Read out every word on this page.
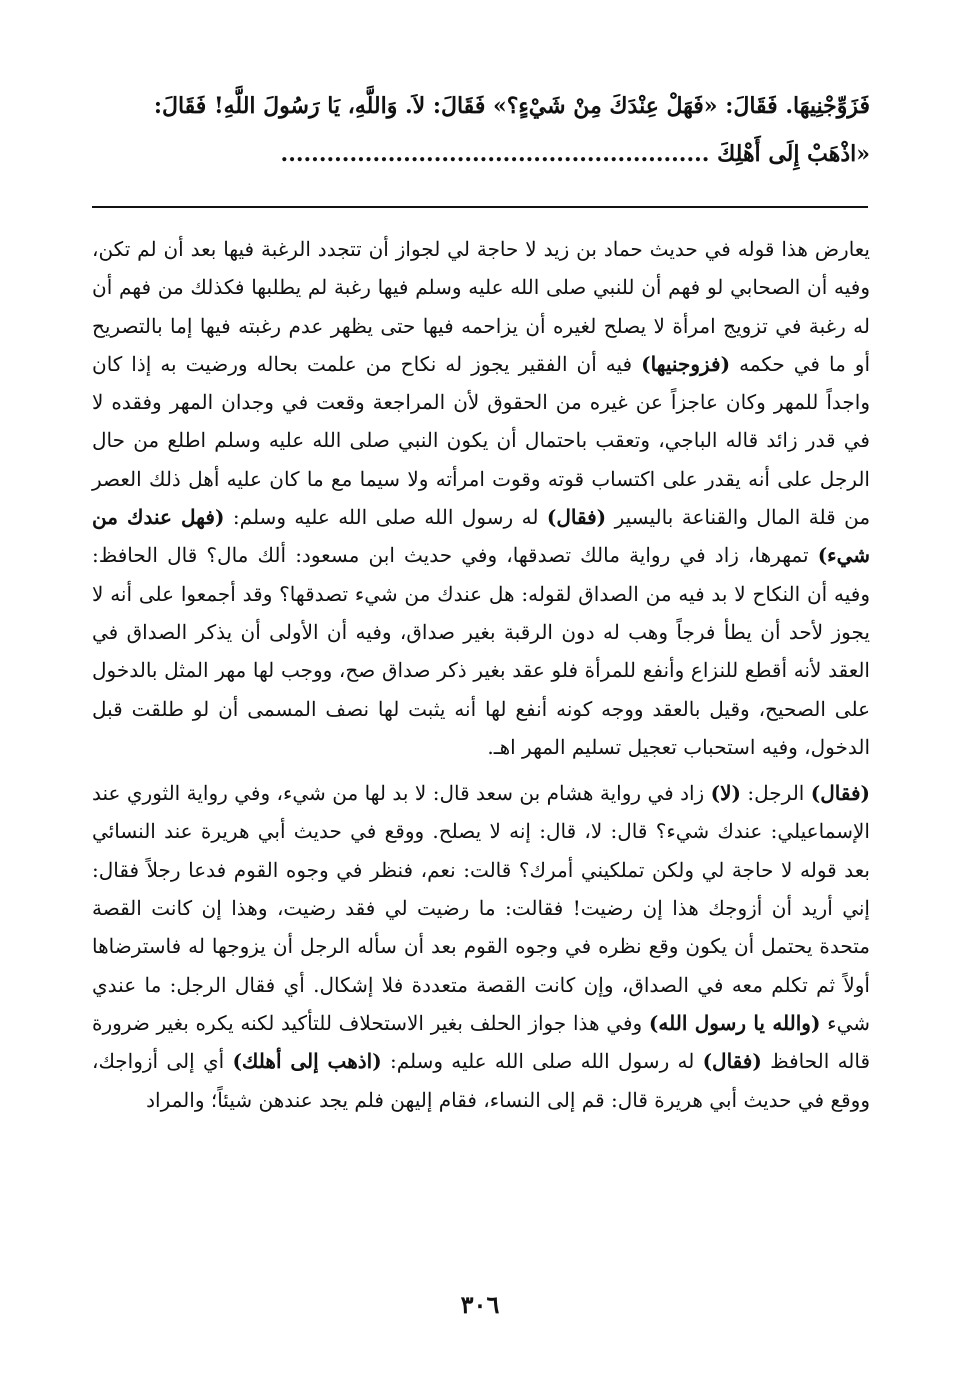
فَزَوِّجْنِيهَا. فَقَالَ: «فَهَلْ عِنْدَكَ مِنْ شَيْءٍ؟» فَقَالَ: لاَ. وَاللَّهِ، يَا رَسُولَ اللَّهِ! فَقَالَ:
«اذْهَبْ إِلَى أَهْلِكَ ........................................................

يعارض هذا قوله في حديث حماد بن زيد لا حاجة لي لجواز أن تتجدد الرغبة فيها بعد أن لم تكن، وفيه أن الصحابي لو فهم أن للنبي صلى الله عليه وسلم فيها رغبة لم يطلبها فكذلك من فهم أن له رغبة في تزويج امرأة لا يصلح لغيره أن يزاحمه فيها حتى يظهر عدم رغبته فيها إما بالتصريح أو ما في حكمه (فزوجنيها) فيه أن الفقير يجوز له نكاح من علمت بحاله ورضيت به إذا كان واجداً للمهر وكان عاجزاً عن غيره من الحقوق لأن المراجعة وقعت في وجدان المهر وفقده لا في قدر زائد قاله الباجي، وتعقب باحتمال أن يكون النبي صلى الله عليه وسلم اطلع من حال الرجل على أنه يقدر على اكتساب قوته وقوت امرأته ولا سيما مع ما كان عليه أهل ذلك العصر من قلة المال والقناعة باليسير (فقال) له رسول الله صلى الله عليه وسلم: (فهل عندك من شيء) تمهرها، زاد في رواية مالك تصدقها، وفي حديث ابن مسعود: ألك مال؟ قال الحافظ: وفيه أن النكاح لا بد فيه من الصداق لقوله: هل عندك من شيء تصدقها؟ وقد أجمعوا على أنه لا يجوز لأحد أن يطأ فرجاً وهب له دون الرقبة بغير صداق، وفيه أن الأولى أن يذكر الصداق في العقد لأنه أقطع للنزاع وأنفع للمرأة فلو عقد بغير ذكر صداق صح، ووجب لها مهر المثل بالدخول على الصحيح، وقيل بالعقد ووجه كونه أنفع لها أنه يثبت لها نصف المسمى أن لو طلقت قبل الدخول، وفيه استحباب تعجيل تسليم المهر اهـ.

(فقال) الرجل: (لا) زاد في رواية هشام بن سعد قال: لا بد لها من شيء، وفي رواية الثوري عند الإسماعيلي: عندك شيء؟ قال: لا، قال: إنه لا يصلح. ووقع في حديث أبي هريرة عند النسائي بعد قوله لا حاجة لي ولكن تملكيني أمرك؟ قالت: نعم، فنظر في وجوه القوم فدعا رجلاً فقال: إني أريد أن أزوجك هذا إن رضيت! فقالت: ما رضيت لي فقد رضيت، وهذا إن كانت القصة متحدة يحتمل أن يكون وقع نظره في وجوه القوم بعد أن سأله الرجل أن يزوجها له فاسترضاها أولاً ثم تكلم معه في الصداق، وإن كانت القصة متعددة فلا إشكال. أي فقال الرجل: ما عندي شيء (والله يا رسول الله) وفي هذا جواز الحلف بغير الاستحلاف للتأكيد لكنه يكره بغير ضرورة قاله الحافظ (فقال) له رسول الله صلى الله عليه وسلم: (اذهب إلى أهلك) أي إلى أزواجك، ووقع في حديث أبي هريرة قال: قم إلى النساء، فقام إليهن فلم يجد عندهن شيئاً؛ والمراد

٣٠٦
